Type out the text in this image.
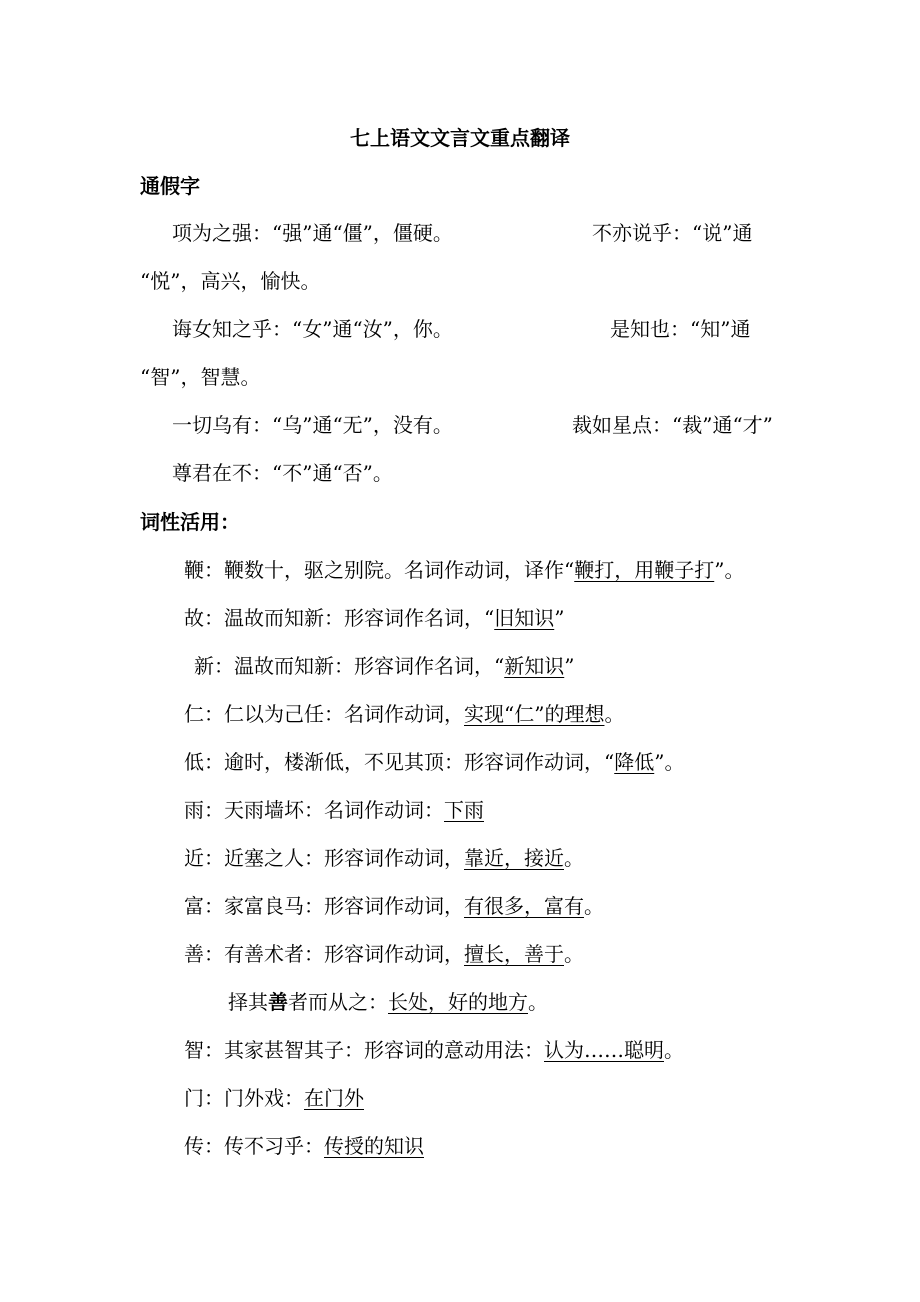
七上语文文言文重点翻译
通假字
项为之强：“强”通“僵”，僵硬。	不亦说乎：“说”通
“悦”，高兴，愉快。
诲女知之乎：“女”通“汝”，你。	是知也：“知”通
“智”，智慧。
一切乌有：“乌”通“无”，没有。	裁如星点：“裁”通“才”
尊君在不：“不”通“否”。
词性活用：
鞭：鞭数十，驱之别院。名词作动词，译作“鞭打，用鞭子打”。
故：温故而知新：形容词作名词，“旧知识”
新：温故而知新：形容词作名词，“新知识”
仁：仁以为己任：名词作动词，实现“仁”的理想。
低：逾时，楼渐低，不见其顶：形容词作动词，“降低”。
雨：天雨墙坏：名词作动词：下雨
近：近塞之人：形容词作动词，靠近，接近。
富：家富良马：形容词作动词，有很多，富有。
善：有善术者：形容词作动词，擅长，善于。
择其善者而从之：长处，好的地方。
智：其家甚智其子：形容词的意动用法：认为……聪明。
门：门外戏：在门外
传：传不习乎：传授的知识
